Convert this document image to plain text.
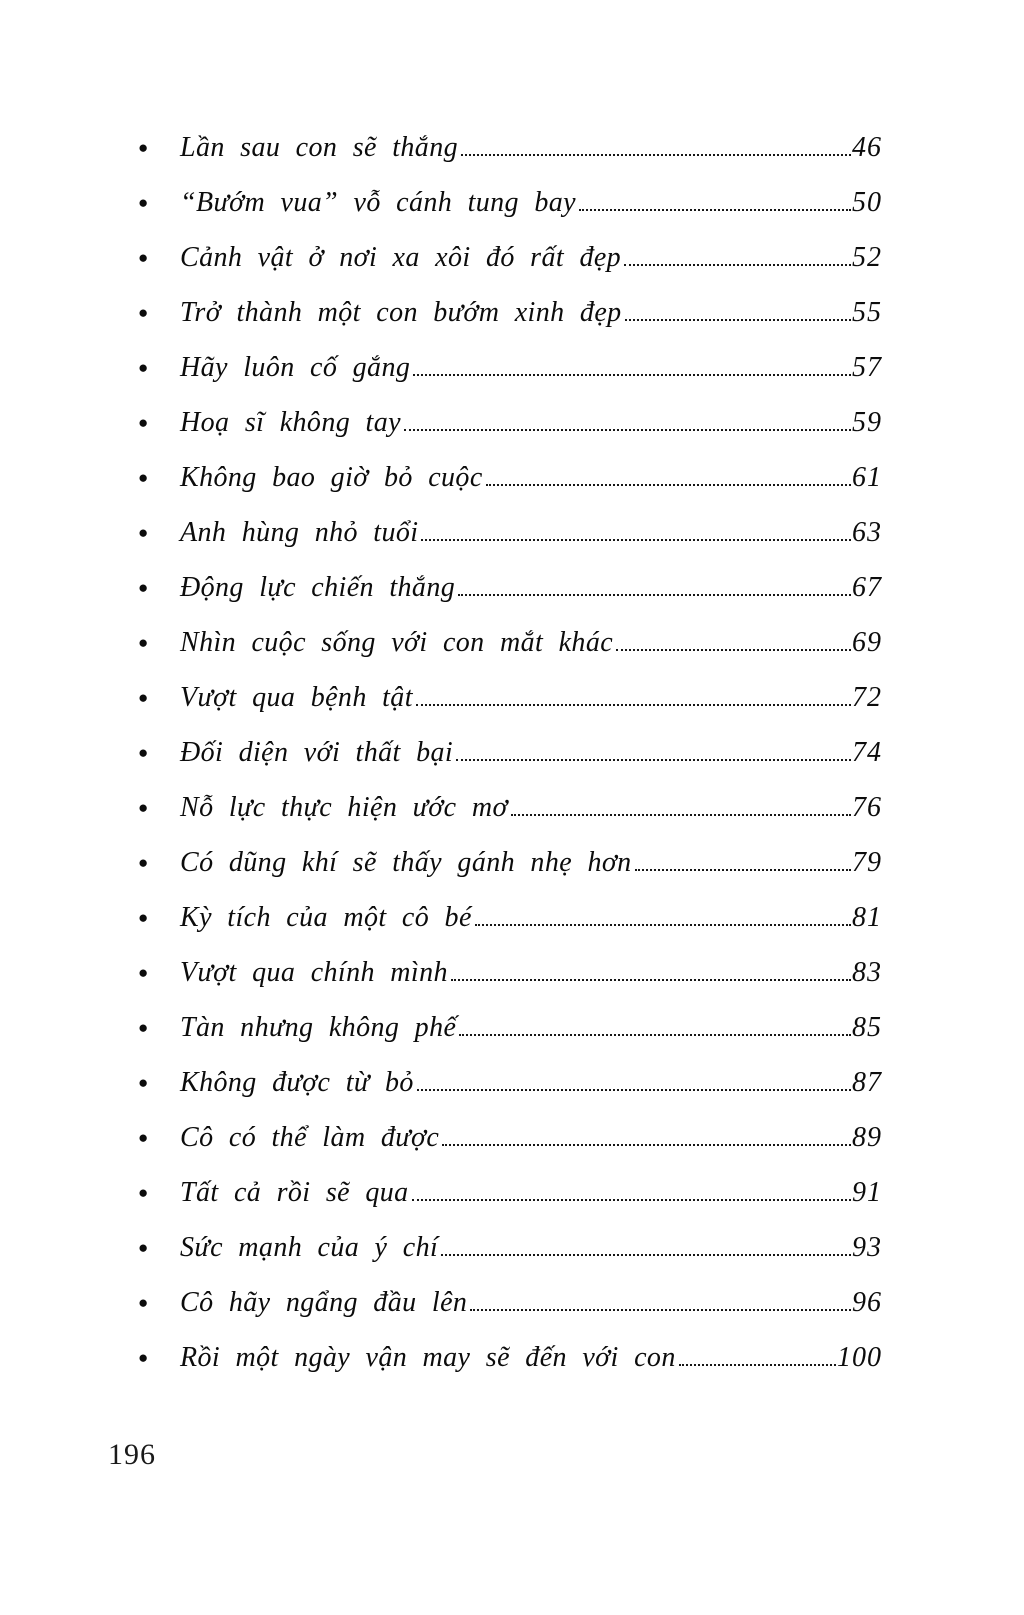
●	Lần sau con sẽ thắng	46
●	“Bướm vua” vỗ cánh tung bay	50
●	Cảnh vật ở nơi xa xôi đó rất đẹp	52
●	Trở thành một con bướm xinh đẹp	55
●	Hãy luôn cố gắng	57
●	Hoạ sĩ không tay	59
●	Không bao giờ bỏ cuộc	61
●	Anh hùng nhỏ tuổi	63
●	Động lực chiến thắng	67
●	Nhìn cuộc sống với con mắt khác	69
●	Vượt qua bệnh tật	72
●	Đối diện với thất bại	74
●	Nỗ lực thực hiện ước mơ	76
●	Có dũng khí sẽ thấy gánh nhẹ hơn	79
●	Kỳ tích của một cô bé	81
●	Vượt qua chính mình	83
●	Tàn nhưng không phế	85
●	Không được từ bỏ	87
●	Cô có thể làm được	89
●	Tất cả rồi sẽ qua	91
●	Sức mạnh của ý chí	93
●	Cô hãy ngẩng đầu lên	96
●	Rồi một ngày vận may sẽ đến với con	100
196
